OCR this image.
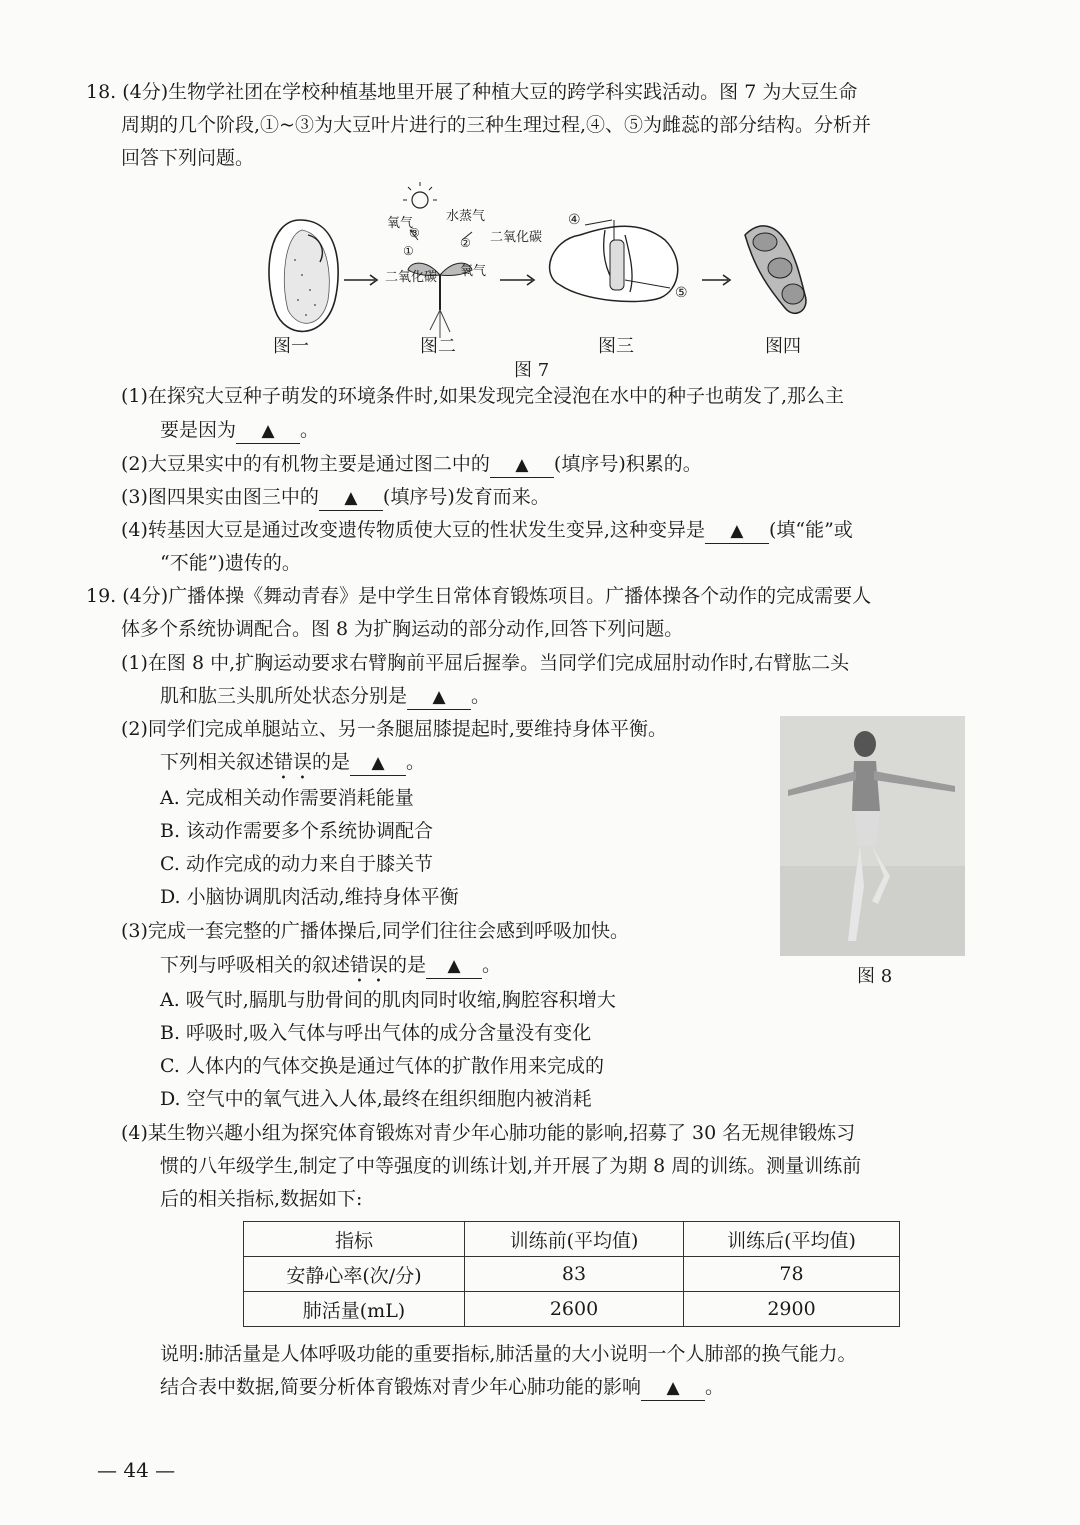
18. (4分)生物学社团在学校种植基地里开展了种植大豆的跨学科实践活动。图 7 为大豆生命
周期的几个阶段,①~③为大豆叶片进行的三种生理过程,④、⑤为雌蕊的部分结构。分析并
回答下列问题。
氧气	水蒸气
③
①
② 二氧化碳
二氧化碳 氧气
④
⑤
图一	图二	图三	图四
图 7
(1)在探究大豆种子萌发的环境条件时,如果发现完全浸泡在水中的种子也萌发了,那么主
要是因为 ▲ 。
(2)大豆果实中的有机物主要是通过图二中的 ▲ (填序号)积累的。
(3)图四果实由图三中的 ▲ (填序号)发育而来。
(4)转基因大豆是通过改变遗传物质使大豆的性状发生变异,这种变异是 ▲ (填“能”或
“不能”)遗传的。
19. (4分)广播体操《舞动青春》是中学生日常体育锻炼项目。广播体操各个动作的完成需要人
体多个系统协调配合。图 8 为扩胸运动的部分动作,回答下列问题。
(1)在图 8 中,扩胸运动要求右臂胸前平屈后握拳。当同学们完成屈肘动作时,右臂肱二头
肌和肱三头肌所处状态分别是 ▲ 。
(2)同学们完成单腿站立、另一条腿屈膝提起时,要维持身体平衡。
下列相关叙述错误的是 ▲ 。
A. 完成相关动作需要消耗能量
B. 该动作需要多个系统协调配合
C. 动作完成的动力来自于膝关节
D. 小脑协调肌肉活动,维持身体平衡
(3)完成一套完整的广播体操后,同学们往往会感到呼吸加快。
下列与呼吸相关的叙述错误的是 ▲ 。
A. 吸气时,膈肌与肋骨间的肌肉同时收缩,胸腔容积增大
B. 呼吸时,吸入气体与呼出气体的成分含量没有变化
C. 人体内的气体交换是通过气体的扩散作用来完成的
D. 空气中的氧气进入人体,最终在组织细胞内被消耗
图 8
(4)某生物兴趣小组为探究体育锻炼对青少年心肺功能的影响,招募了 30 名无规律锻炼习
惯的八年级学生,制定了中等强度的训练计划,并开展了为期 8 周的训练。测量训练前
后的相关指标,数据如下:
指标	训练前(平均值)	训练后(平均值)
安静心率(次/分)	83	78
肺活量(mL)	2600	2900
说明:肺活量是人体呼吸功能的重要指标,肺活量的大小说明一个人肺部的换气能力。
结合表中数据,简要分析体育锻炼对青少年心肺功能的影响 ▲ 。
— 44 —
